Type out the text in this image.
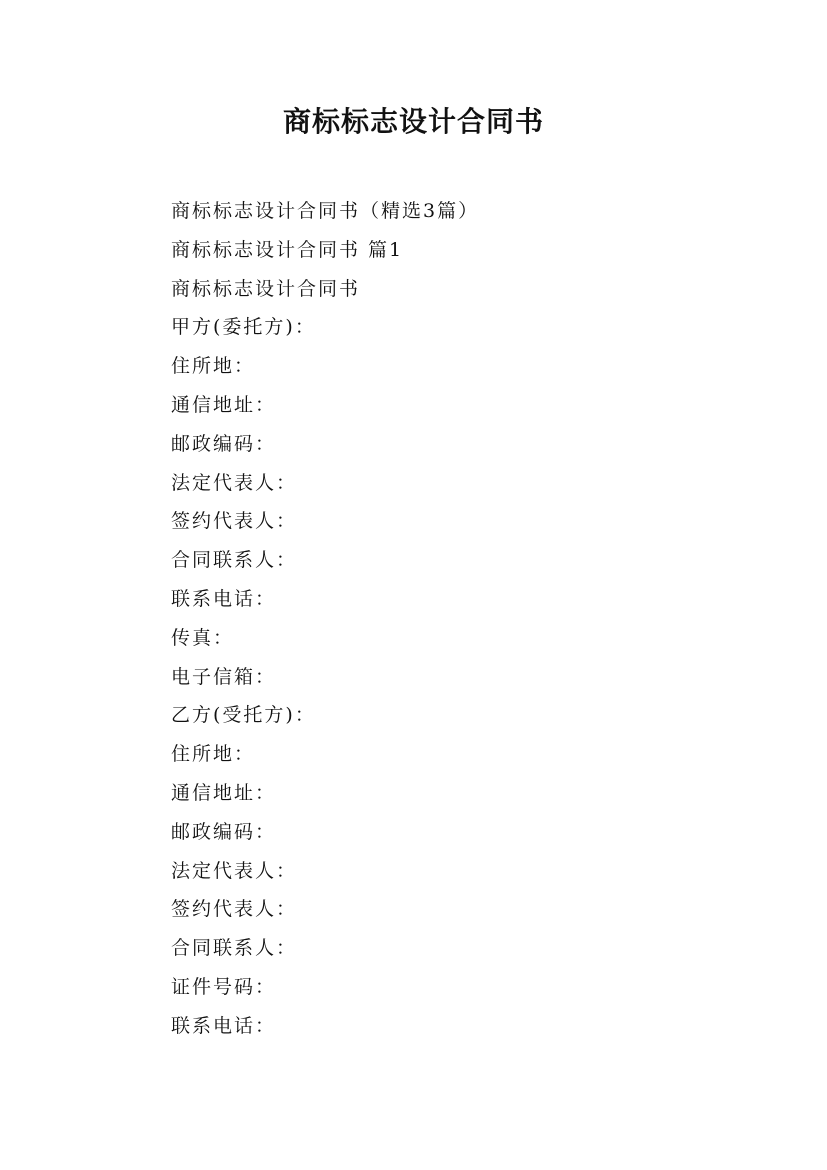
商标标志设计合同书
商标标志设计合同书（精选3篇）
商标标志设计合同书 篇1
商标标志设计合同书
甲方(委托方)：
住所地：
通信地址：
邮政编码：
法定代表人：
签约代表人：
合同联系人：
联系电话：
传真：
电子信箱：
乙方(受托方)：
住所地：
通信地址：
邮政编码：
法定代表人：
签约代表人：
合同联系人：
证件号码：
联系电话：
